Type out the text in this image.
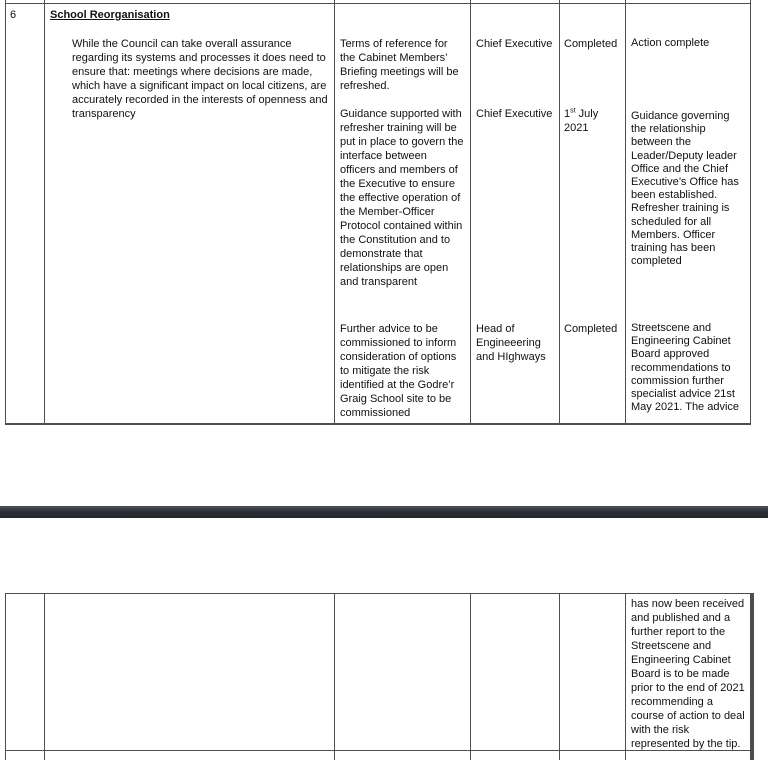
6	School Reorganisation
While the Council can take overall assurance regarding its systems and processes it does need to ensure that: meetings where decisions are made, which have a significant impact on local citizens, are accurately recorded in the interests of openness and transparency
Terms of reference for the Cabinet Members’ Briefing meetings will be refreshed.
Guidance supported with refresher training will be put in place to govern the interface between officers and members of the Executive to ensure the effective operation of the Member-Officer Protocol contained within the Constitution and to demonstrate that relationships are open and transparent
Further advice to be commissioned to inform consideration of options to mitigate the risk identified at the Godre’r Graig School site to be commissioned
Chief Executive
Chief Executive
Head of Engineeering and HIghways
Completed
1st July 2021
Completed
Action complete
Guidance governing the relationship between the Leader/Deputy leader Office and the Chief Executive’s Office has been established. Refresher training is scheduled for all Members. Officer training has been completed
Streetscene and Engineering Cabinet Board approved recommendations to commission further specialist advice 21st May 2021. The advice
has now been received and published and a further report to the Streetscene and Engineering Cabinet Board is to be made prior to the end of 2021 recommending a course of action to deal with the risk represented by the tip.
